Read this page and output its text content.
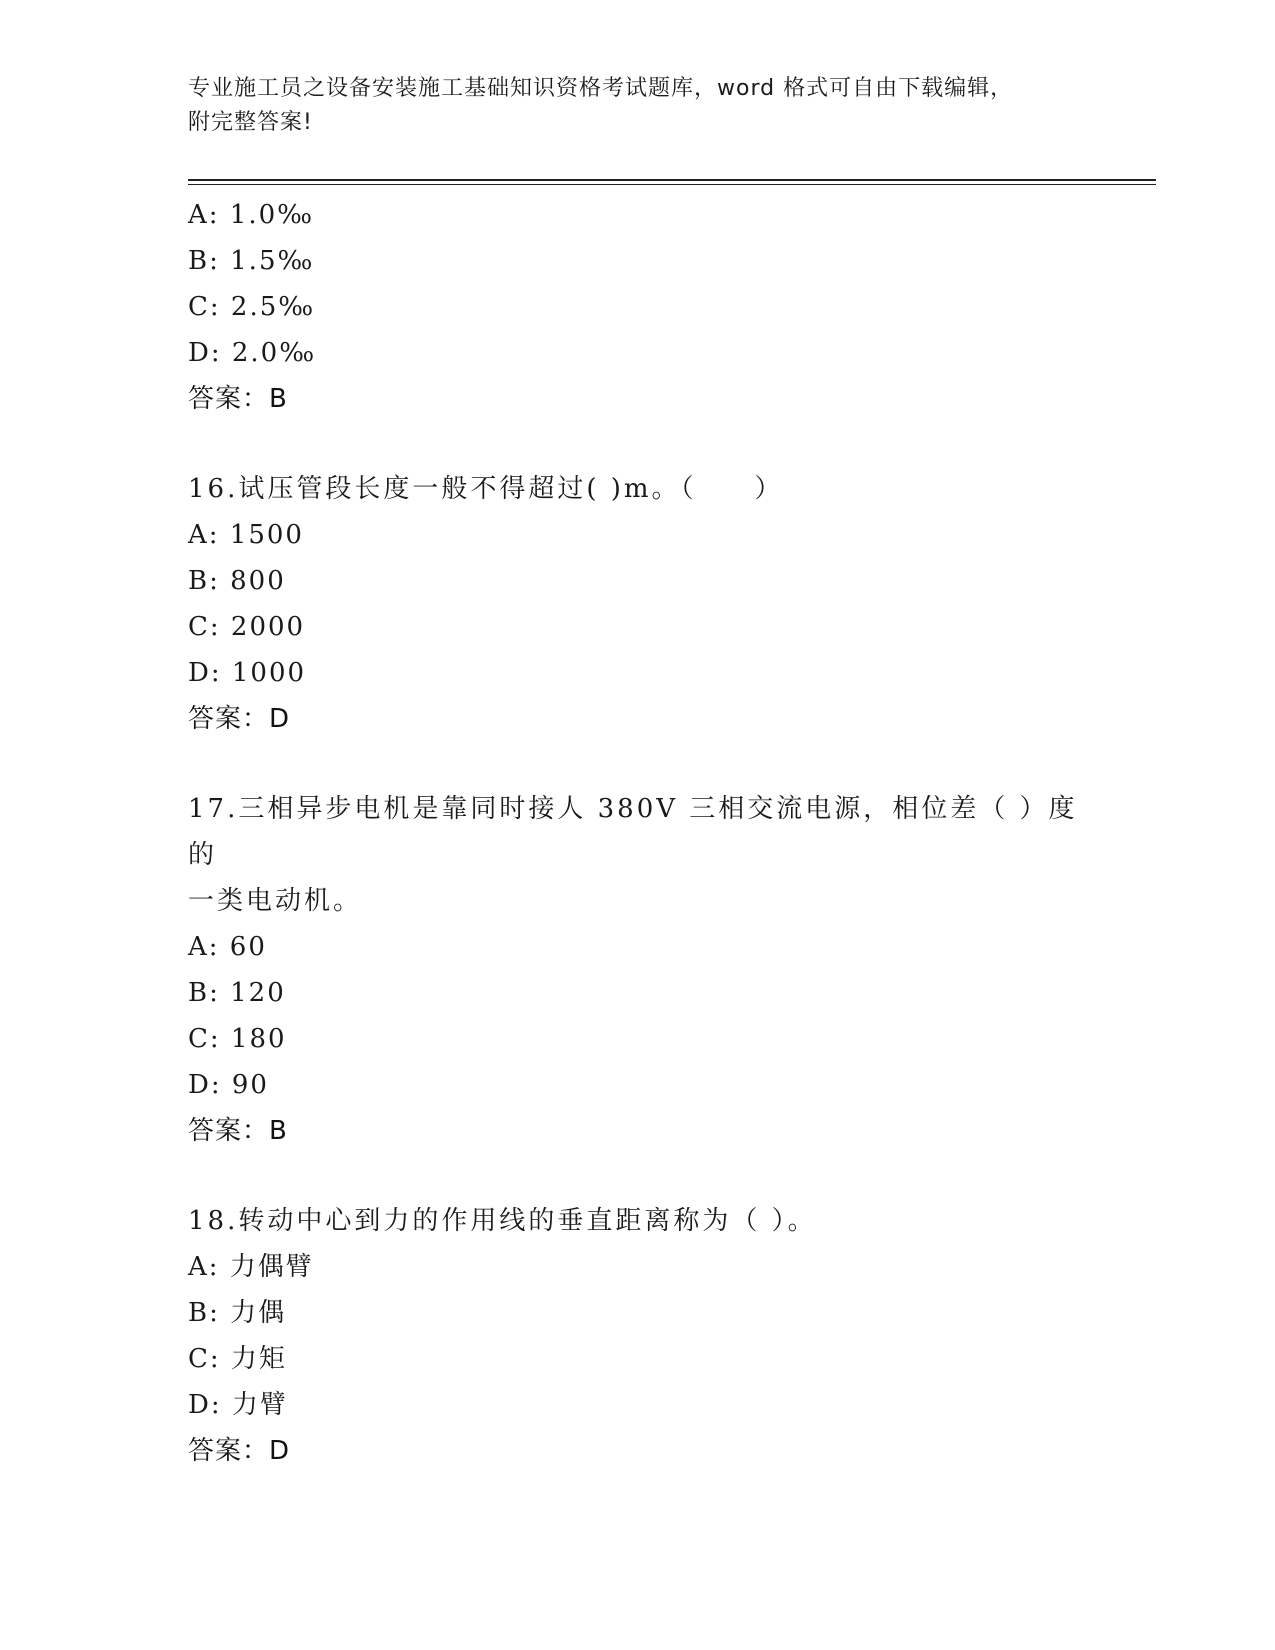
专业施工员之设备安装施工基础知识资格考试题库，word 格式可自由下载编辑，
附完整答案!
A: 1.0‰
B: 1.5‰
C: 2.5‰
D: 2.0‰
答案：B
16.试压管段长度一般不得超过( )m。（　　）
A: 1500
B: 800
C: 2000
D: 1000
答案：D
17.三相异步电机是靠同时接人 380V 三相交流电源，相位差（ ）度的
一类电动机。
A: 60
B: 120
C: 180
D: 90
答案：B
18.转动中心到力的作用线的垂直距离称为（ ）。
A: 力偶臂
B: 力偶
C: 力矩
D: 力臂
答案：D
